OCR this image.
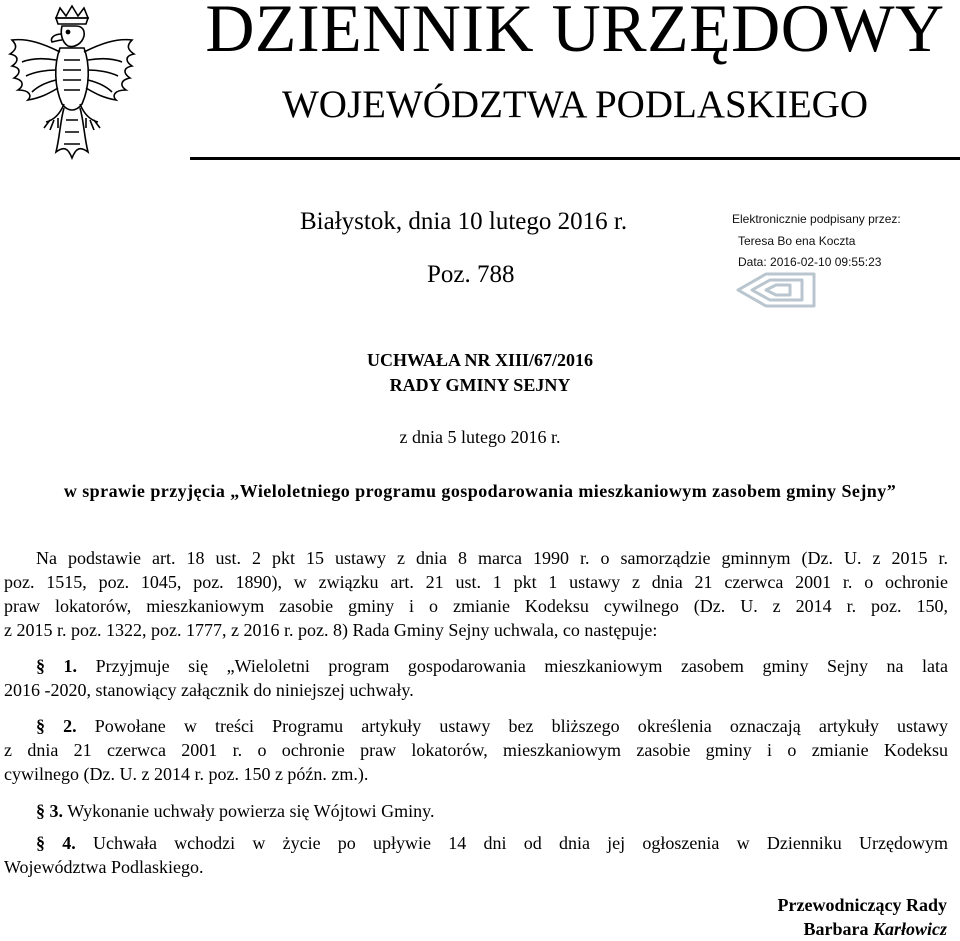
DZIENNIK URZĘDOWY
WOJEWÓDZTWA PODLASKIEGO
Białystok, dnia 10 lutego 2016 r.
Poz. 788
Elektronicznie podpisany przez:
Teresa Bo ena Koczta
Data: 2016-02-10 09:55:23
UCHWAŁA NR XIII/67/2016
RADY GMINY SEJNY
z dnia 5 lutego 2016 r.
w sprawie przyjęcia „Wieloletniego programu gospodarowania mieszkaniowym zasobem gminy Sejny”
Na podstawie art. 18 ust. 2 pkt 15 ustawy z dnia 8 marca 1990 r. o samorządzie gminnym (Dz. U. z 2015 r.
poz. 1515, poz. 1045, poz. 1890), w związku art. 21 ust. 1 pkt 1 ustawy z dnia 21 czerwca 2001 r. o ochronie
praw lokatorów, mieszkaniowym zasobie gminy i o zmianie Kodeksu cywilnego (Dz. U. z 2014 r. poz. 150,
z 2015 r. poz. 1322, poz. 1777, z 2016 r. poz. 8) Rada Gminy Sejny uchwala, co następuje:
§ 1. Przyjmuje się „Wieloletni program gospodarowania mieszkaniowym zasobem gminy Sejny na lata
2016 -2020, stanowiący załącznik do niniejszej uchwały.
§ 2. Powołane w treści Programu artykuły ustawy bez bliższego określenia oznaczają artykuły ustawy
z dnia 21 czerwca 2001 r. o ochronie praw lokatorów, mieszkaniowym zasobie gminy i o zmianie Kodeksu
cywilnego (Dz. U. z 2014 r. poz. 150 z późn. zm.).
§ 3. Wykonanie uchwały powierza się Wójtowi Gminy.
§ 4. Uchwała wchodzi w życie po upływie 14 dni od dnia jej ogłoszenia w Dzienniku Urzędowym
Województwa Podlaskiego.
Przewodniczący Rady
Barbara Karłowicz
